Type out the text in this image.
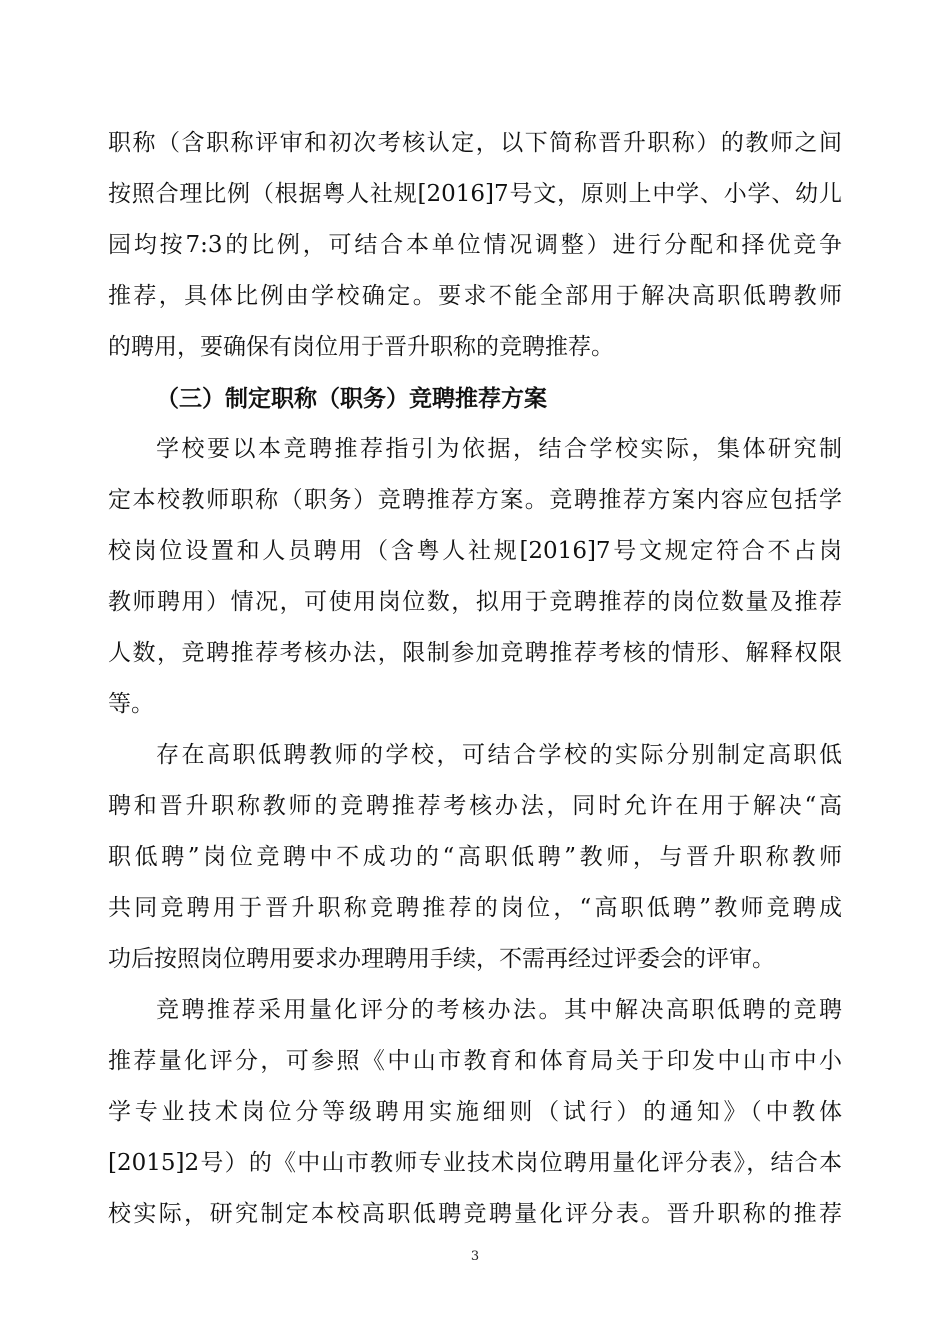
职称（含职称评审和初次考核认定，以下简称晋升职称）的教师之间
按照合理比例（根据粤人社规[2016]7号文，原则上中学、小学、幼儿
园均按7:3的比例，可结合本单位情况调整）进行分配和择优竞争
推荐，具体比例由学校确定。要求不能全部用于解决高职低聘教师
的聘用，要确保有岗位用于晋升职称的竞聘推荐。
（三）制定职称（职务）竞聘推荐方案
学校要以本竞聘推荐指引为依据，结合学校实际，集体研究制
定本校教师职称（职务）竞聘推荐方案。竞聘推荐方案内容应包括学
校岗位设置和人员聘用（含粤人社规[2016]7号文规定符合不占岗
教师聘用）情况，可使用岗位数，拟用于竞聘推荐的岗位数量及推荐
人数，竞聘推荐考核办法，限制参加竞聘推荐考核的情形、解释权限
等。
存在高职低聘教师的学校，可结合学校的实际分别制定高职低
聘和晋升职称教师的竞聘推荐考核办法，同时允许在用于解决“高
职低聘”岗位竞聘中不成功的“高职低聘”教师，与晋升职称教师
共同竞聘用于晋升职称竞聘推荐的岗位，“高职低聘”教师竞聘成
功后按照岗位聘用要求办理聘用手续，不需再经过评委会的评审。
竞聘推荐采用量化评分的考核办法。其中解决高职低聘的竞聘
推荐量化评分，可参照《中山市教育和体育局关于印发中山市中小
学专业技术岗位分等级聘用实施细则（试行）的通知》（中教体
[2015]2号）的《中山市教师专业技术岗位聘用量化评分表》，结合本
校实际，研究制定本校高职低聘竞聘量化评分表。晋升职称的推荐
3
